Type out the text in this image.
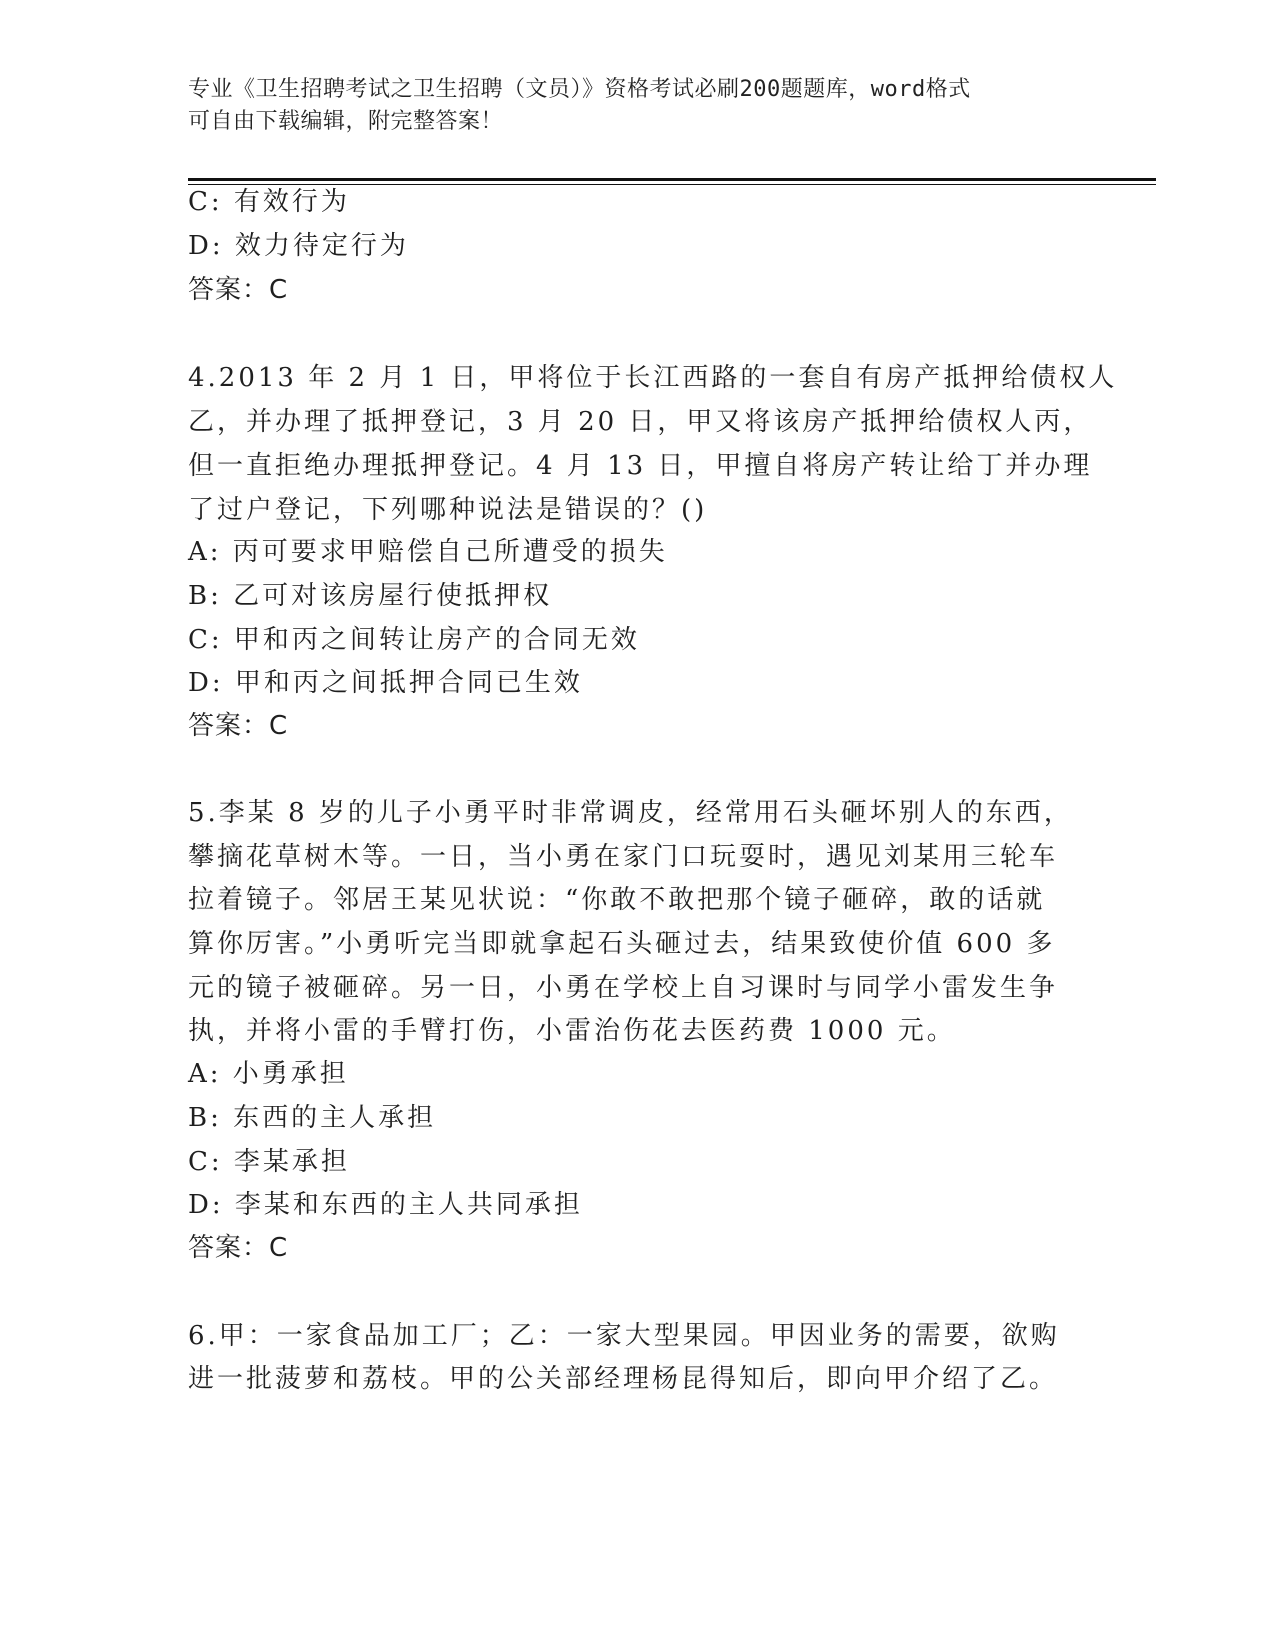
专业《卫生招聘考试之卫生招聘（文员）》资格考试必刷200题题库，word格式
可自由下载编辑，附完整答案！
C: 有效行为
D: 效力待定行为
答案：C
4.2013 年 2 月 1 日，甲将位于长江西路的一套自有房产抵押给债权人
乙，并办理了抵押登记，3 月 20 日，甲又将该房产抵押给债权人丙，
但一直拒绝办理抵押登记。4 月 13 日，甲擅自将房产转让给丁并办理
了过户登记，下列哪种说法是错误的？()
A: 丙可要求甲赔偿自己所遭受的损失
B: 乙可对该房屋行使抵押权
C: 甲和丙之间转让房产的合同无效
D: 甲和丙之间抵押合同已生效
答案：C
5.李某 8 岁的儿子小勇平时非常调皮，经常用石头砸坏别人的东西，
攀摘花草树木等。一日，当小勇在家门口玩耍时，遇见刘某用三轮车
拉着镜子。邻居王某见状说：“你敢不敢把那个镜子砸碎，敢的话就
算你厉害。”小勇听完当即就拿起石头砸过去，结果致使价值 600 多
元的镜子被砸碎。另一日，小勇在学校上自习课时与同学小雷发生争
执，并将小雷的手臂打伤，小雷治伤花去医药费 1000 元。
A: 小勇承担
B: 东西的主人承担
C: 李某承担
D: 李某和东西的主人共同承担
答案：C
6.甲：一家食品加工厂；乙：一家大型果园。甲因业务的需要，欲购
进一批菠萝和荔枝。甲的公关部经理杨昆得知后，即向甲介绍了乙。
